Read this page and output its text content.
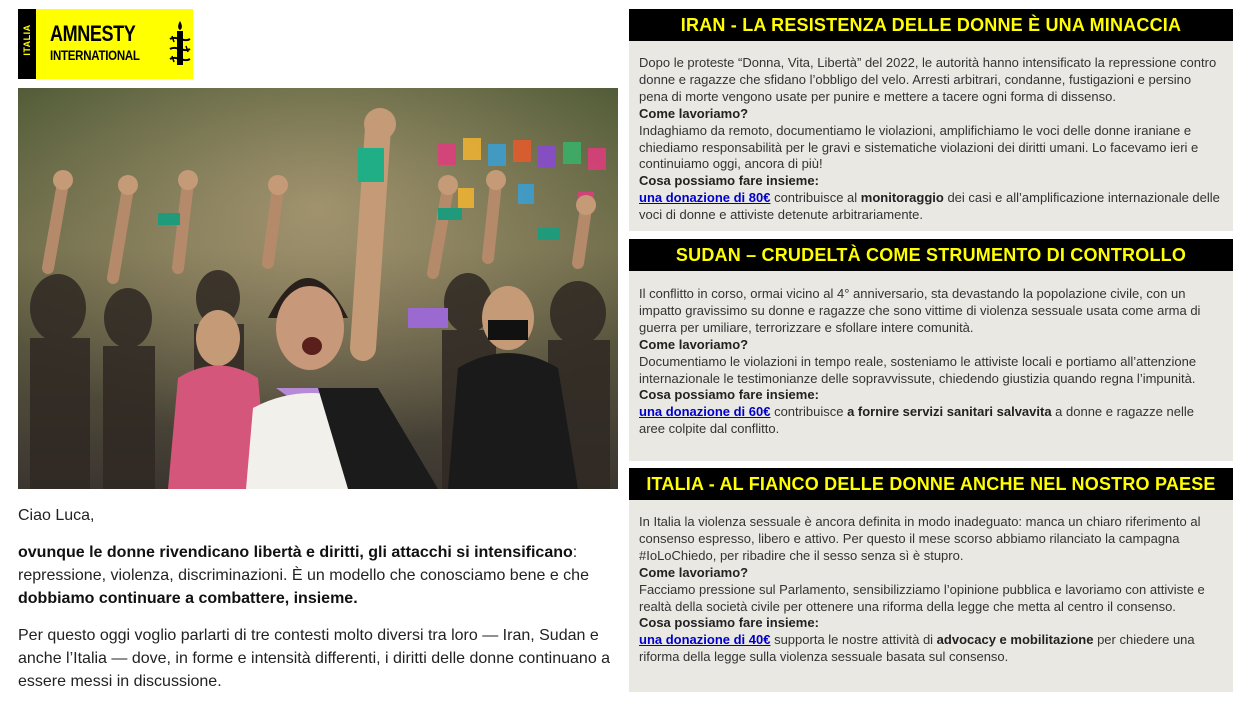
ITALIA AMNESTY
INTERNATIONAL

Ciao Luca,

ovunque le donne rivendicano libertà e diritti, gli attacchi si intensificano: repressione, violenza, discriminazioni. È un modello che conosciamo bene e che dobbiamo continuare a combattere, insieme.

Per questo oggi voglio parlarti di tre contesti molto diversi tra loro — Iran, Sudan e anche l’Italia — dove, in forme e intensità differenti, i diritti delle donne continuano a essere messi in discussione.

IRAN - LA RESISTENZA DELLE DONNE È UNA MINACCIA

Dopo le proteste “Donna, Vita, Libertà” del 2022, le autorità hanno intensificato la repressione contro donne e ragazze che sfidano l’obbligo del velo. Arresti arbitrari, condanne, fustigazioni e persino pena di morte vengono usate per punire e mettere a tacere ogni forma di dissenso.

Come lavoriamo?

Indaghiamo da remoto, documentiamo le violazioni, amplifichiamo le voci delle donne iraniane e chiediamo responsabilità per le gravi e sistematiche violazioni dei diritti umani. Lo facevamo ieri e continuiamo oggi, ancora di più!

Cosa possiamo fare insieme:

una donazione di 80€ contribuisce al monitoraggio dei casi e all’amplificazione internazionale delle voci di donne e attiviste detenute arbitrariamente.

SUDAN – CRUDELTÀ COME STRUMENTO DI CONTROLLO

Il conflitto in corso, ormai vicino al 4° anniversario, sta devastando la popolazione civile, con un impatto gravissimo su donne e ragazze che sono vittime di violenza sessuale usata come arma di guerra per umiliare, terrorizzare e sfollare intere comunità.

Come lavoriamo?

Documentiamo le violazioni in tempo reale, sosteniamo le attiviste locali e portiamo all’attenzione internazionale le testimonianze delle sopravvissute, chiedendo giustizia quando regna l’impunità.

Cosa possiamo fare insieme:

una donazione di 60€ contribuisce a fornire servizi sanitari salvavita a donne e ragazze nelle aree colpite dal conflitto.

ITALIA - AL FIANCO DELLE DONNE ANCHE NEL NOSTRO PAESE

In Italia la violenza sessuale è ancora definita in modo inadeguato: manca un chiaro riferimento al consenso espresso, libero e attivo. Per questo il mese scorso abbiamo rilanciato la campagna #IoLoChiedo, per ribadire che il sesso senza sì è stupro.

Come lavoriamo?

Facciamo pressione sul Parlamento, sensibilizziamo l’opinione pubblica e lavoriamo con attiviste e realtà della società civile per ottenere una riforma della legge che metta al centro il consenso.

Cosa possiamo fare insieme:

una donazione di 40€ supporta le nostre attività di advocacy e mobilitazione per chiedere una riforma della legge sulla violenza sessuale basata sul consenso.
